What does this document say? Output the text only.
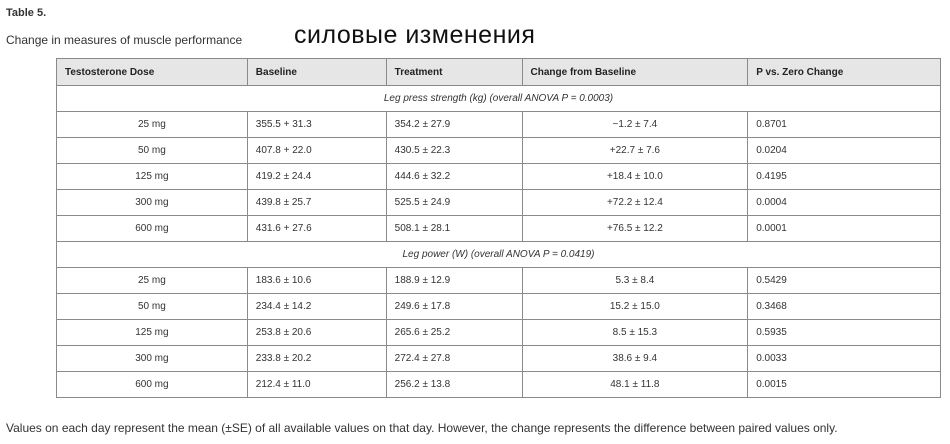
Table 5.
Change in measures of muscle performance силовые изменения
Testosterone Dose	Baseline	Treatment	Change from Baseline	P vs. Zero Change
Leg press strength (kg) (overall ANOVA P = 0.0003)				
25 mg	355.5 + 31.3	354.2 ± 27.9	−1.2 ± 7.4	0.8701
50 mg	407.8 + 22.0	430.5 ± 22.3	+22.7 ± 7.6	0.0204
125 mg	419.2 ± 24.4	444.6 ± 32.2	+18.4 ± 10.0	0.4195
300 mg	439.8 ± 25.7	525.5 ± 24.9	+72.2 ± 12.4	0.0004
600 mg	431.6 + 27.6	508.1 ± 28.1	+76.5 ± 12.2	0.0001
Leg power (W) (overall ANOVA P = 0.0419)				
25 mg	183.6 ± 10.6	188.9 ± 12.9	5.3 ± 8.4	0.5429
50 mg	234.4 ± 14.2	249.6 ± 17.8	15.2 ± 15.0	0.3468
125 mg	253.8 ± 20.6	265.6 ± 25.2	8.5 ± 15.3	0.5935
300 mg	233.8 ± 20.2	272.4 ± 27.8	38.6 ± 9.4	0.0033
600 mg	212.4 ± 11.0	256.2 ± 13.8	48.1 ± 11.8	0.0015
Values on each day represent the mean (±SE) of all available values on that day. However, the change represents the difference between paired values only.
